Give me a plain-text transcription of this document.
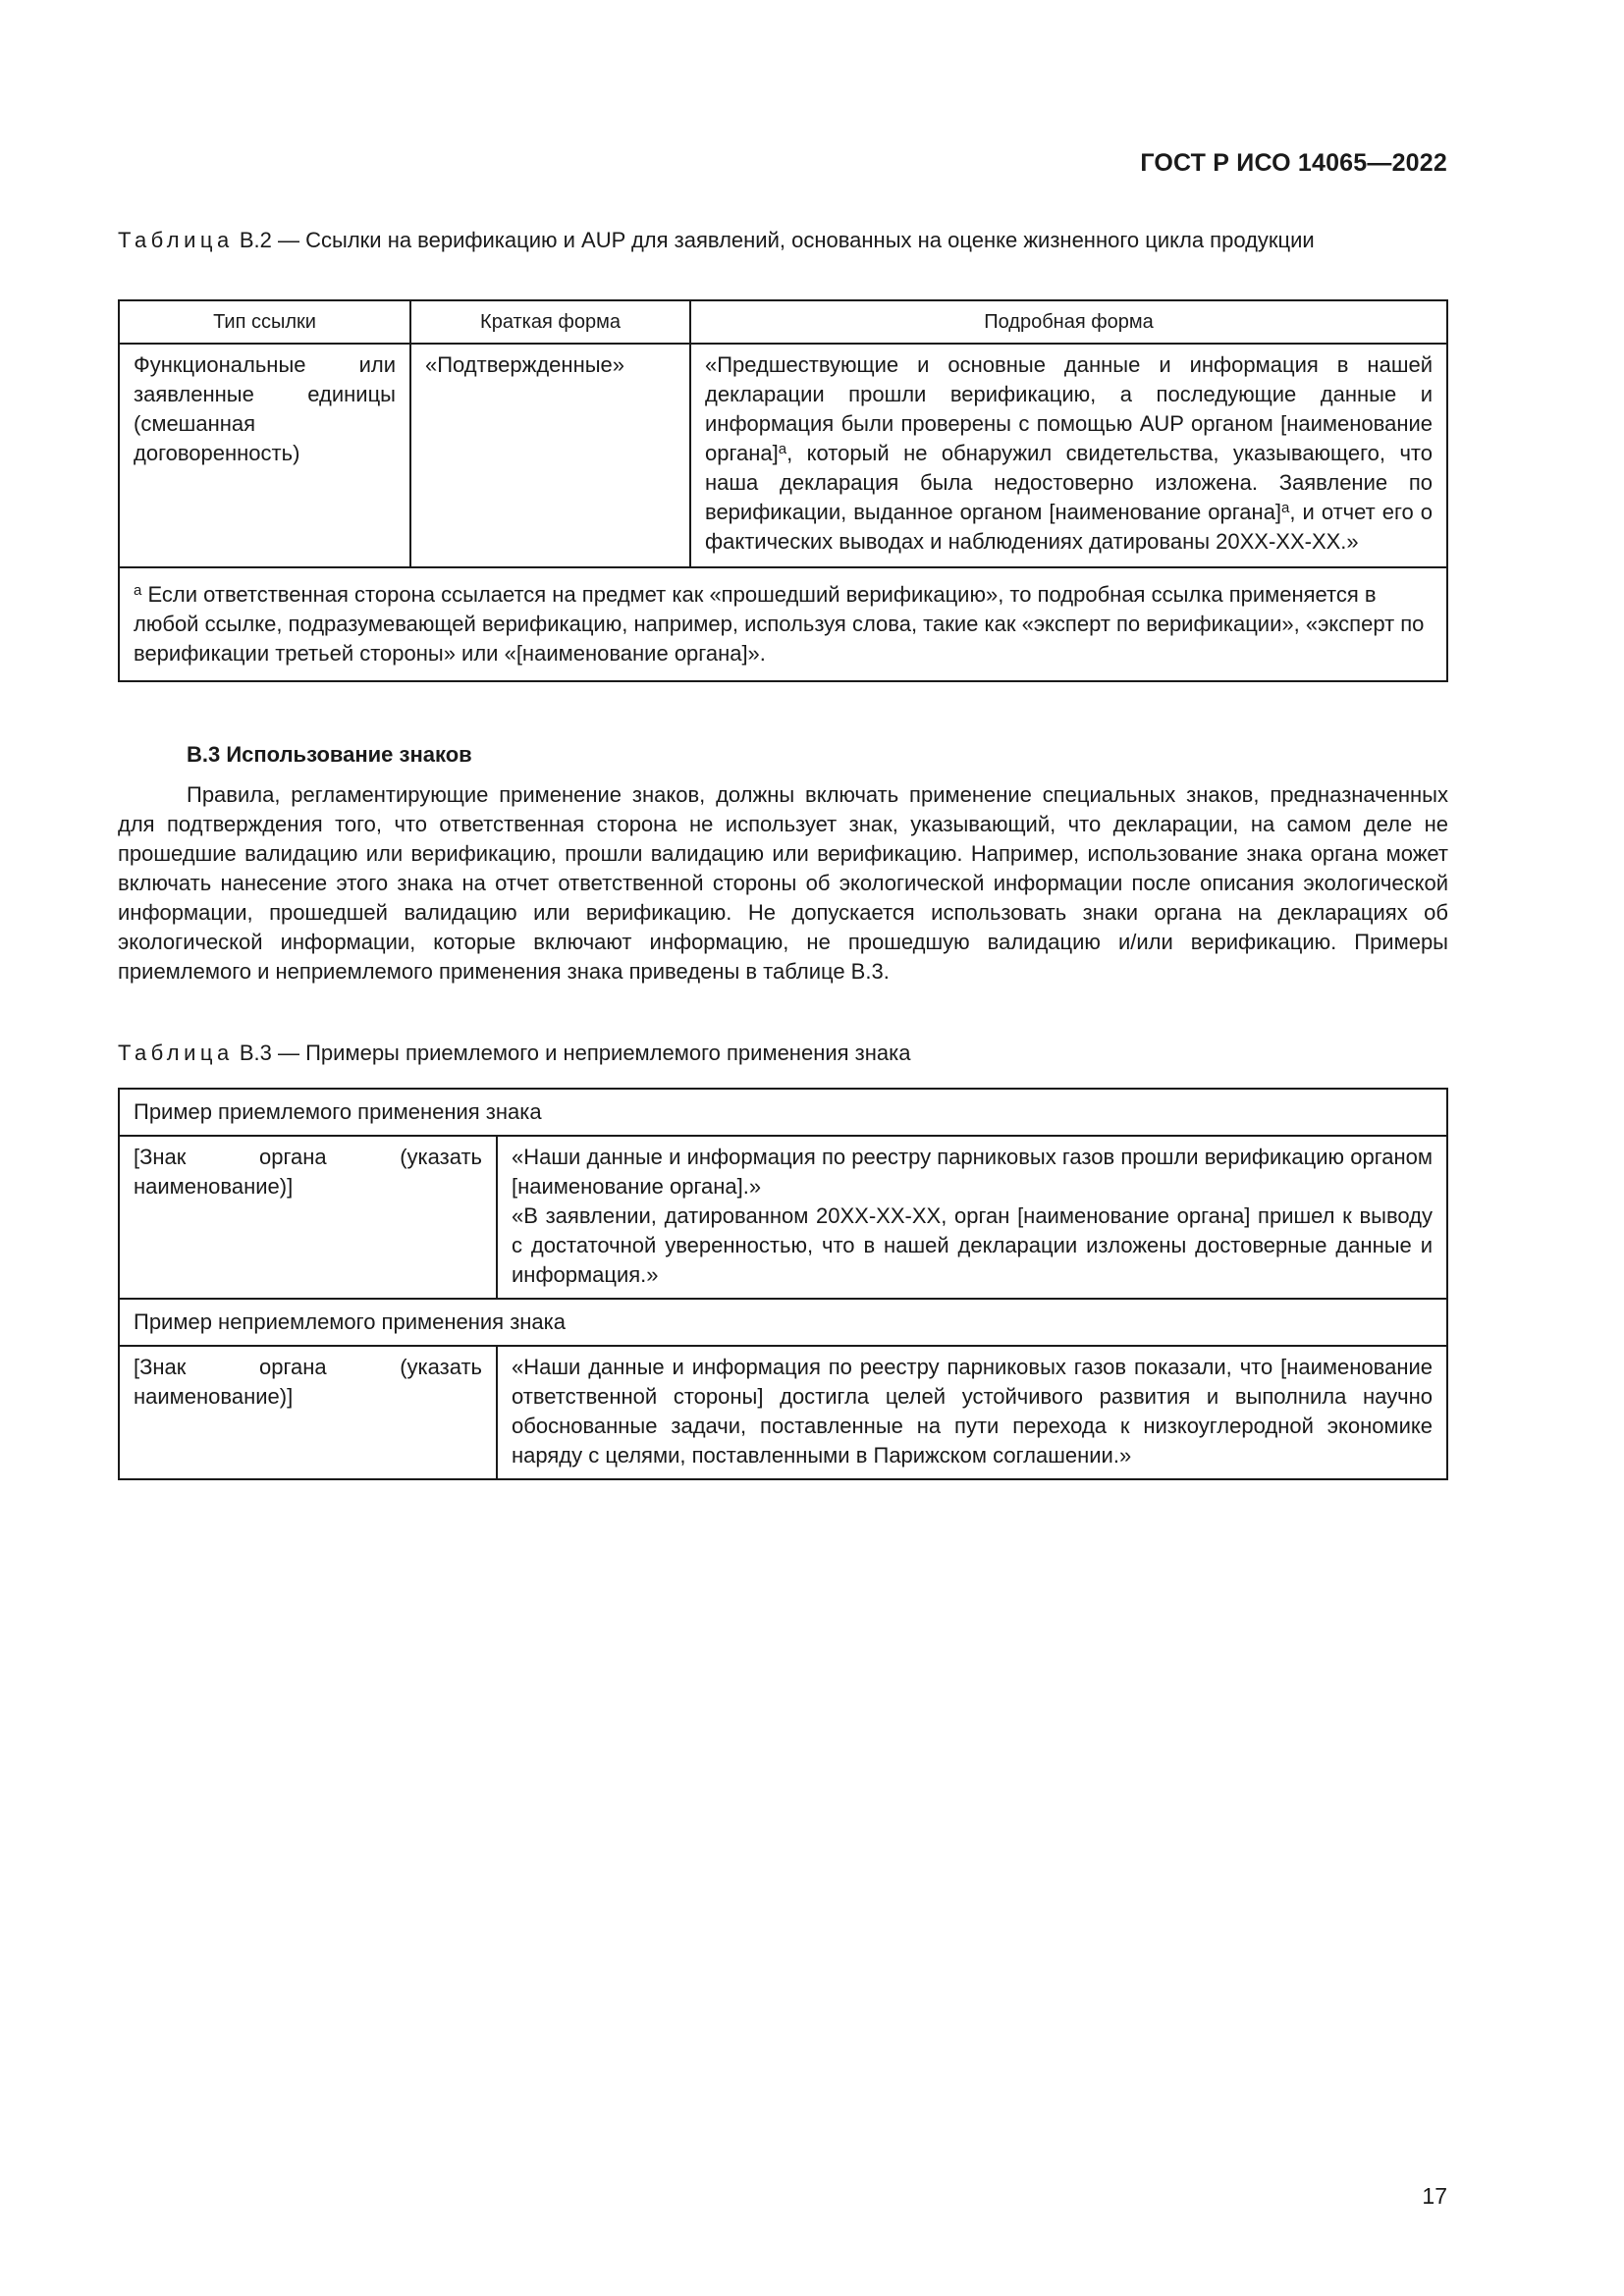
ГОСТ Р ИСО 14065—2022
Таблица В.2 — Ссылки на верификацию и AUP для заявлений, основанных на оценке жизненного цикла продукции
Тип ссылки	Краткая форма	Подробная форма
Функциональные или заявленные единицы (смешанная договоренность)	«Подтвержденные»	«Предшествующие и основные данные и информация в нашей декларации прошли верификацию, а последующие данные и информация были проверены с помощью AUP органом [наименование органа]$^a$, который не обнаружил свидетельства, указывающего, что наша декларация была недостоверно изложена. Заявление по верификации, выданное органом [наименование органа]$^a$, и отчет его о фактических выводах и наблюдениях датированы 20ХХ-ХХ-ХХ.»
$^a$ Если ответственная сторона ссылается на предмет как «прошедший верификацию», то подробная ссылка применяется в любой ссылке, подразумевающей верификацию, например, используя слова, такие как «эксперт по верификации», «эксперт по верификации третьей стороны» или «[наименование органа]».		
В.3 Использование знаков
Правила, регламентирующие применение знаков, должны включать применение специальных знаков, предназначенных для подтверждения того, что ответственная сторона не использует знак, указывающий, что декларации, на самом деле не прошедшие валидацию или верификацию, прошли валидацию или верификацию. Например, использование знака органа может включать нанесение этого знака на отчет ответственной стороны об экологической информации после описания экологической информации, прошедшей валидацию или верификацию. Не допускается использовать знаки органа на декларациях об экологической информации, которые включают информацию, не прошедшую валидацию и/или верификацию. Примеры приемлемого и неприемлемого применения знака приведены в таблице В.3.
Таблица В.3 — Примеры приемлемого и неприемлемого применения знака
Пример приемлемого применения знака	
[Знак органа (указать наименование)]	«Наши данные и информация по реестру парниковых газов прошли верификацию органом [наименование органа].»
«В заявлении, датированном 20ХХ-ХХ-ХХ, орган [наименование органа] пришел к выводу с достаточной уверенностью, что в нашей декларации изложены достоверные данные и информация.»

Пример неприемлемого применения знака	
[Знак органа (указать наименование)]	«Наши данные и информация по реестру парниковых газов показали, что [наименование ответственной стороны] достигла целей устойчивого развития и выполнила научно обоснованные задачи, поставленные на пути перехода к низкоуглеродной экономике наряду с целями, поставленными в Парижском соглашении.»
17
